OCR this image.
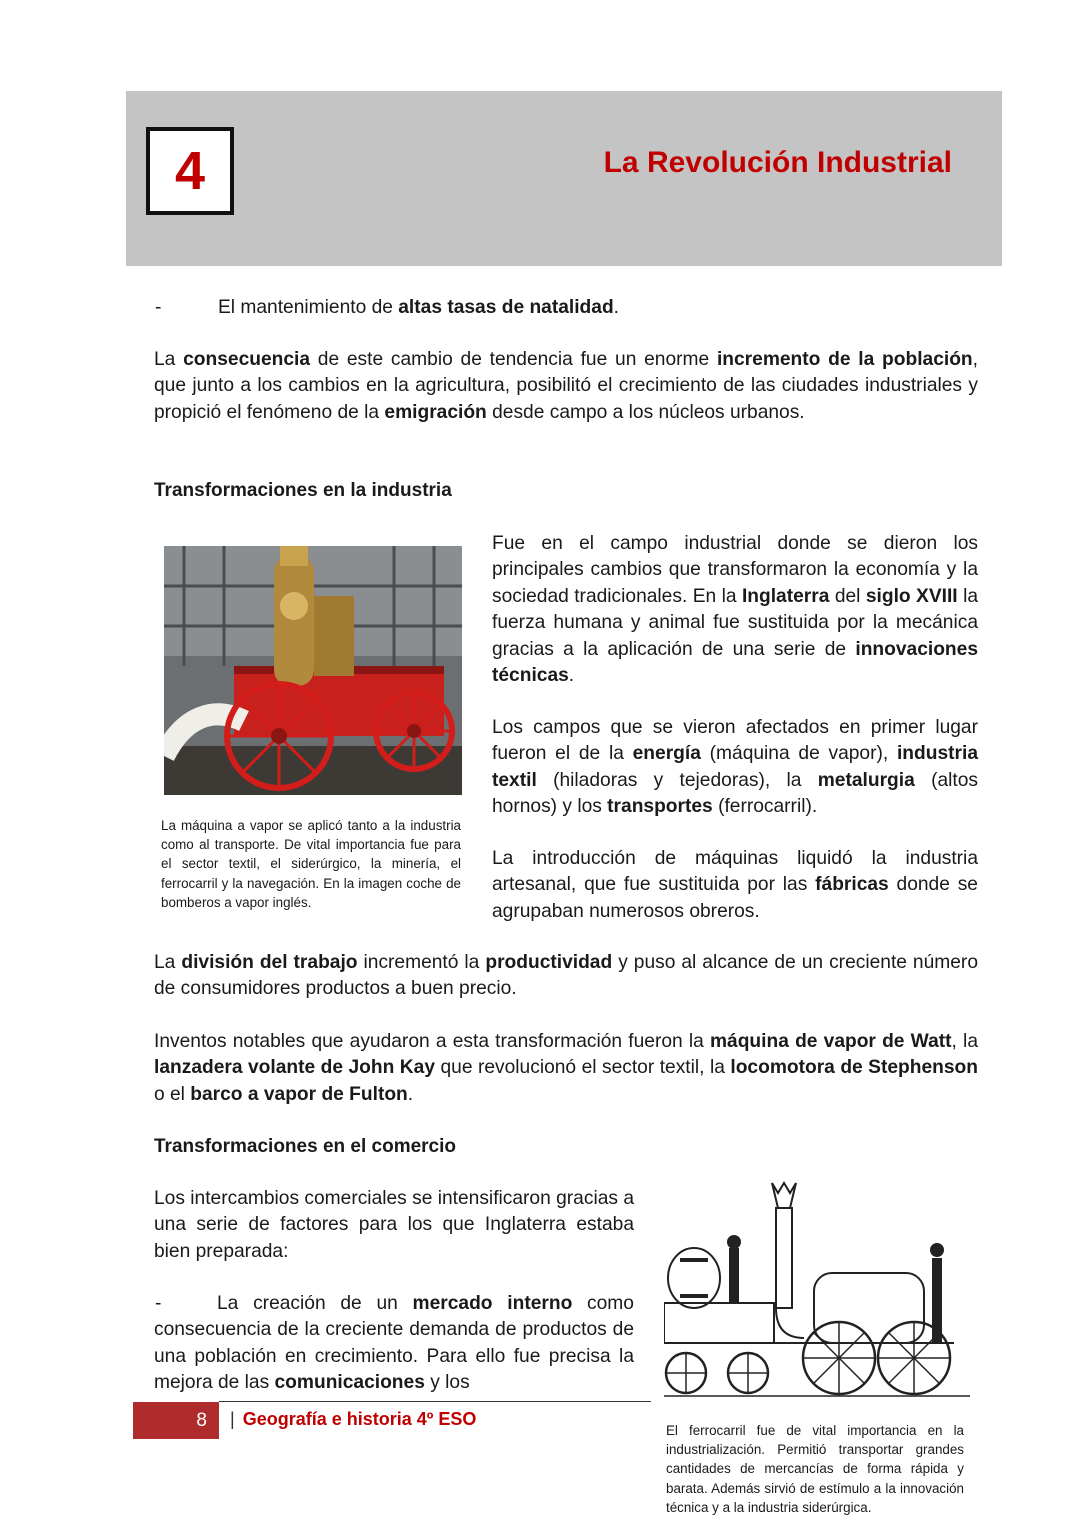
4	La Revolución Industrial
-	El mantenimiento de altas tasas de natalidad.

La consecuencia de este cambio de tendencia fue un enorme incremento de la población, que junto a los cambios en la agricultura, posibilitó el crecimiento de las ciudades industriales y propició el fenómeno de la emigración desde campo a los núcleos urbanos.

Transformaciones en la industria

La máquina a vapor se aplicó tanto a la industria como al transporte. De vital importancia fue para el sector textil, el siderúrgico, la minería, el ferrocarril y la navegación. En la imagen coche de bomberos a vapor inglés.

Fue en el campo industrial donde se dieron los principales cambios que transformaron la economía y la sociedad tradicionales. En la Inglaterra del siglo XVIII la fuerza humana y animal fue sustituida por la mecánica gracias a la aplicación de una serie de innovaciones técnicas.

Los campos que se vieron afectados en primer lugar fueron el de la energía (máquina de vapor), industria textil (hiladoras y tejedoras), la metalurgia (altos hornos) y los transportes (ferrocarril).

La introducción de máquinas liquidó la industria artesanal, que fue sustituida por las fábricas donde se agrupaban numerosos obreros.

La división del trabajo incrementó la productividad y puso al alcance de un creciente número de consumidores productos a buen precio.

Inventos notables que ayudaron a esta transformación fueron la máquina de vapor de Watt, la lanzadera volante de John Kay que revolucionó el sector textil, la locomotora de Stephenson o el barco a vapor de Fulton.

Transformaciones en el comercio

Los intercambios comerciales se intensificaron gracias a una serie de factores para los que Inglaterra estaba bien preparada:

-	La creación de un mercado interno como consecuencia de la creciente demanda de productos de una población en crecimiento. Para ello fue precisa la mejora de las comunicaciones y los

El ferrocarril fue de vital importancia en la industrialización. Permitió transportar grandes cantidades de mercancías de forma rápida y barata. Además sirvió de estímulo a la innovación técnica y a la industria siderúrgica.

8	| Geografía e historia 4º ESO
